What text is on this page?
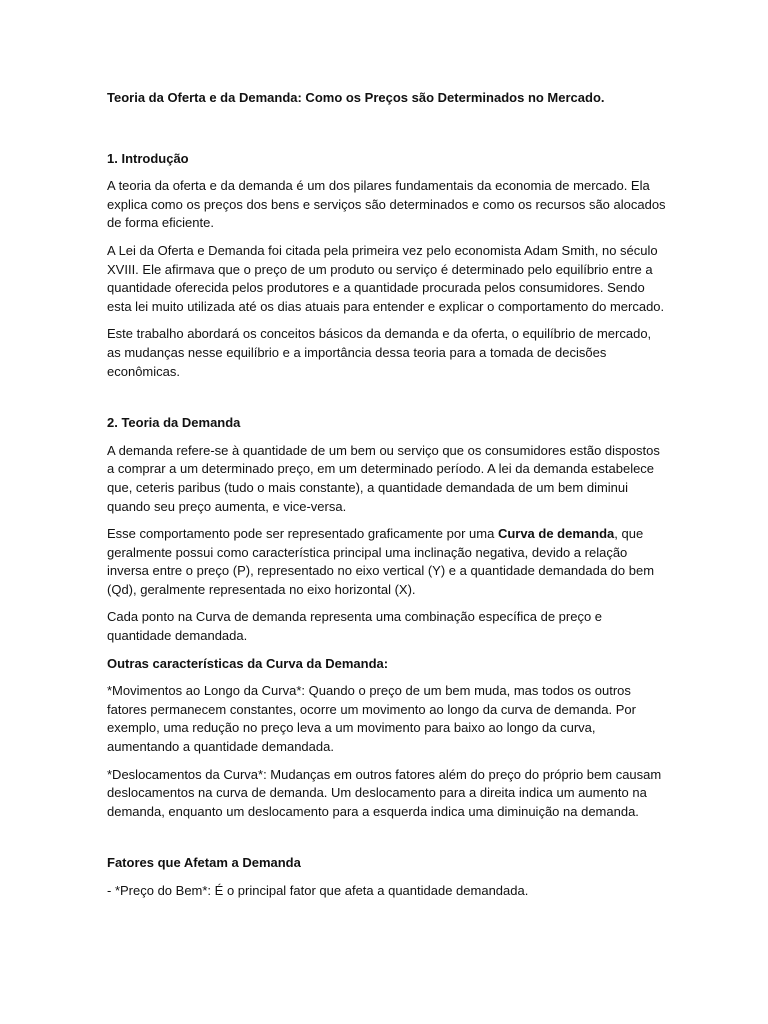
Teoria da Oferta e da Demanda: Como os Preços são Determinados no Mercado.

1. Introdução

A teoria da oferta e da demanda é um dos pilares fundamentais da economia de mercado. Ela explica como os preços dos bens e serviços são determinados e como os recursos são alocados de forma eficiente.

A Lei da Oferta e Demanda foi citada pela primeira vez pelo economista Adam Smith, no século XVIII. Ele afirmava que o preço de um produto ou serviço é determinado pelo equilíbrio entre a quantidade oferecida pelos produtores e a quantidade procurada pelos consumidores. Sendo esta lei muito utilizada até os dias atuais para entender e explicar o comportamento do mercado.

Este trabalho abordará os conceitos básicos da demanda e da oferta, o equilíbrio de mercado, as mudanças nesse equilíbrio e a importância dessa teoria para a tomada de decisões econômicas.

2. Teoria da Demanda

A demanda refere-se à quantidade de um bem ou serviço que os consumidores estão dispostos a comprar a um determinado preço, em um determinado período. A lei da demanda estabelece que, ceteris paribus (tudo o mais constante), a quantidade demandada de um bem diminui quando seu preço aumenta, e vice-versa.

Esse comportamento pode ser representado graficamente por uma Curva de demanda, que geralmente possui como característica principal uma inclinação negativa, devido a relação inversa entre o preço (P), representado no eixo vertical (Y) e a quantidade demandada do bem (Qd), geralmente representada no eixo horizontal (X).

Cada ponto na Curva de demanda representa uma combinação específica de preço e quantidade demandada.

Outras características da Curva da Demanda:

*Movimentos ao Longo da Curva*: Quando o preço de um bem muda, mas todos os outros fatores permanecem constantes, ocorre um movimento ao longo da curva de demanda. Por exemplo, uma redução no preço leva a um movimento para baixo ao longo da curva, aumentando a quantidade demandada.

*Deslocamentos da Curva*: Mudanças em outros fatores além do preço do próprio bem causam deslocamentos na curva de demanda. Um deslocamento para a direita indica um aumento na demanda, enquanto um deslocamento para a esquerda indica uma diminuição na demanda.

Fatores que Afetam a Demanda

- *Preço do Bem*: É o principal fator que afeta a quantidade demandada.
